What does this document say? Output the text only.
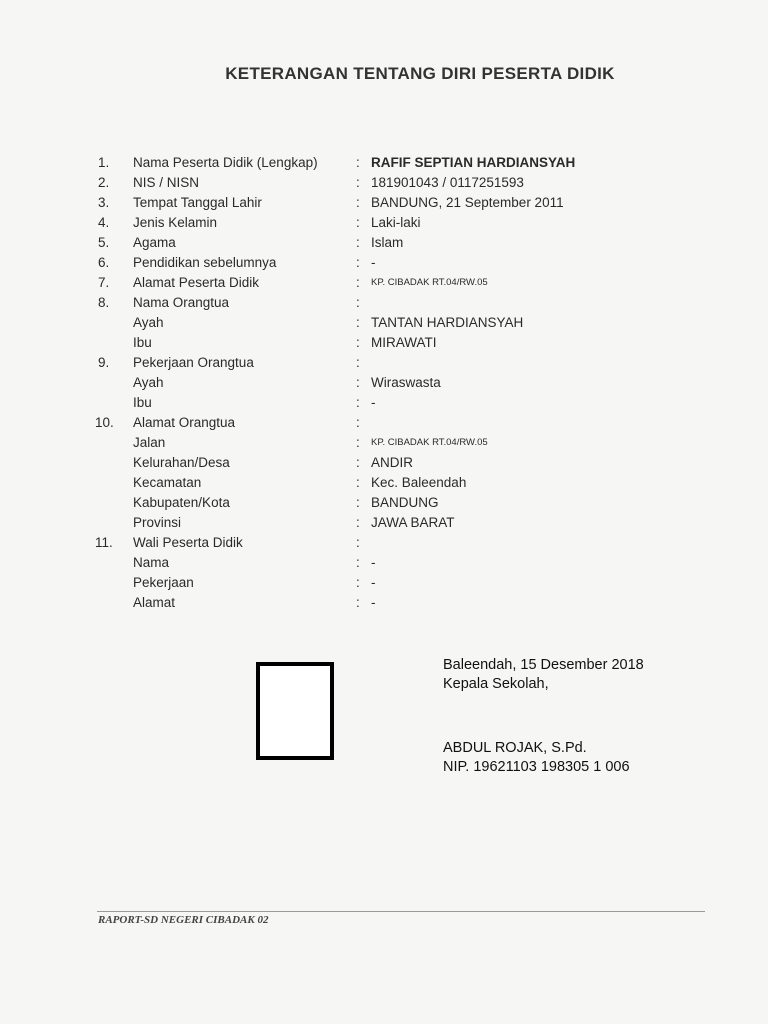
KETERANGAN TENTANG DIRI PESERTA DIDIK
1. Nama Peserta Didik (Lengkap)	: RAFIF SEPTIAN HARDIANSYAH
2. NIS / NISN	: 181901043 / 0117251593
3. Tempat Tanggal Lahir	: BANDUNG, 21 September 2011
4. Jenis Kelamin	: Laki-laki
5. Agama	: Islam
6. Pendidikan sebelumnya	: -
7. Alamat Peserta Didik	: KP. CIBADAK RT.04/RW.05
8. Nama Orangtua	:
Ayah	: TANTAN HARDIANSYAH
Ibu	: MIRAWATI
9. Pekerjaan Orangtua	:
Ayah	: Wiraswasta
Ibu	: -
10. Alamat Orangtua	:
Jalan	: KP. CIBADAK RT.04/RW.05
Kelurahan/Desa	: ANDIR
Kecamatan	: Kec. Baleendah
Kabupaten/Kota	: BANDUNG
Provinsi	: JAWA BARAT
11. Wali Peserta Didik	:
Nama	: -
Pekerjaan	: -
Alamat	: -
Baleendah, 15 Desember 2018
Kepala Sekolah,
ABDUL ROJAK, S.Pd.
NIP. 19621103 198305 1 006
RAPORT-SD NEGERI CIBADAK 02
